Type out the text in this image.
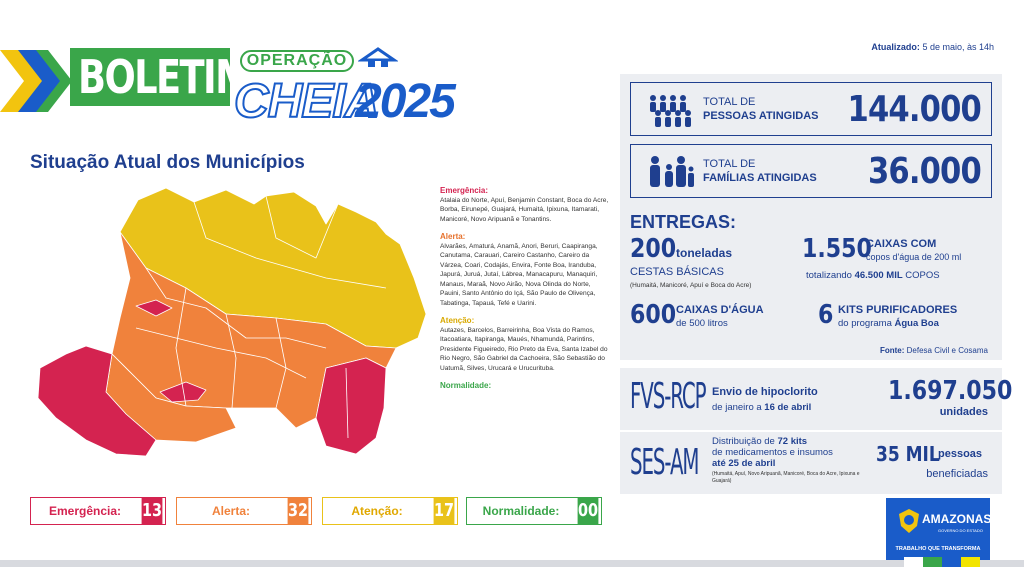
BOLETIM
OPERAÇÃO
CHEIA
2025
Atualizado: 5 de maio, às 14h
Situação Atual dos Municípios
Emergência:
Atalaia do Norte, Apuí, Benjamin Constant, Boca do Acre, Borba, Eirunepé, Guajará, Humaitá, Ipixuna, Itamarati, Manicoré, Novo Aripuanã e Tonantins.
Alerta:
Alvarães, Amaturá, Anamã, Anori, Beruri, Caapiranga, Canutama, Carauari, Careiro Castanho, Careiro da Várzea, Coari, Codajás, Envira, Fonte Boa, Iranduba, Japurá, Juruá, Jutaí, Lábrea, Manacapuru, Manaquiri, Manaus, Maraã, Novo Airão, Nova Olinda do Norte, Pauini, Santo Antônio do Içá, São Paulo de Olivença, Tabatinga, Tapauá, Tefé e Uarini.
Atenção:
Autazes, Barcelos, Barreirinha, Boa Vista do Ramos, Itacoatiara, Itapiranga, Maués, Nhamundá, Parintins, Presidente Figueiredo, Rio Preto da Eva, Santa Izabel do Rio Negro, São Gabriel da Cachoeira, São Sebastião do Uatumã, Silves, Urucará e Urucurituba.
Normalidade:
Emergência:	13	Alerta:	32	Atenção:	17	Normalidade:	00
TOTAL DE
PESSOAS ATINGIDAS 144.000
TOTAL DE
FAMÍLIAS ATINGIDAS 36.000
ENTREGAS:
200 toneladas
CESTAS BÁSICAS
(Humaitá, Manicoré, Apuí e Boca do Acre)
1.550
CAIXAS COM
copos d'água de 200 ml
totalizando 46.500 MIL COPOS
600 CAIXAS D'ÁGUA
de 500 litros	6 KITS PURIFICADORES
do programa Água Boa
Fonte: Defesa Civil e Cosama
FVS-RCP Envio de hipoclorito
de janeiro a 16 de abril
1.697.050
unidades
SES-AM
Distribuição de 72 kits
de medicamentos e insumos
até 25 de abril
(Humaitá, Apuí, Novo Aripuanã, Manicoré, Boca do Acre, Ipixuna e Guajará)
35 MIL
pessoas
beneficiadas
AMAZONAS
GOVERNO DO ESTADO
TRABALHO QUE TRANSFORMA
